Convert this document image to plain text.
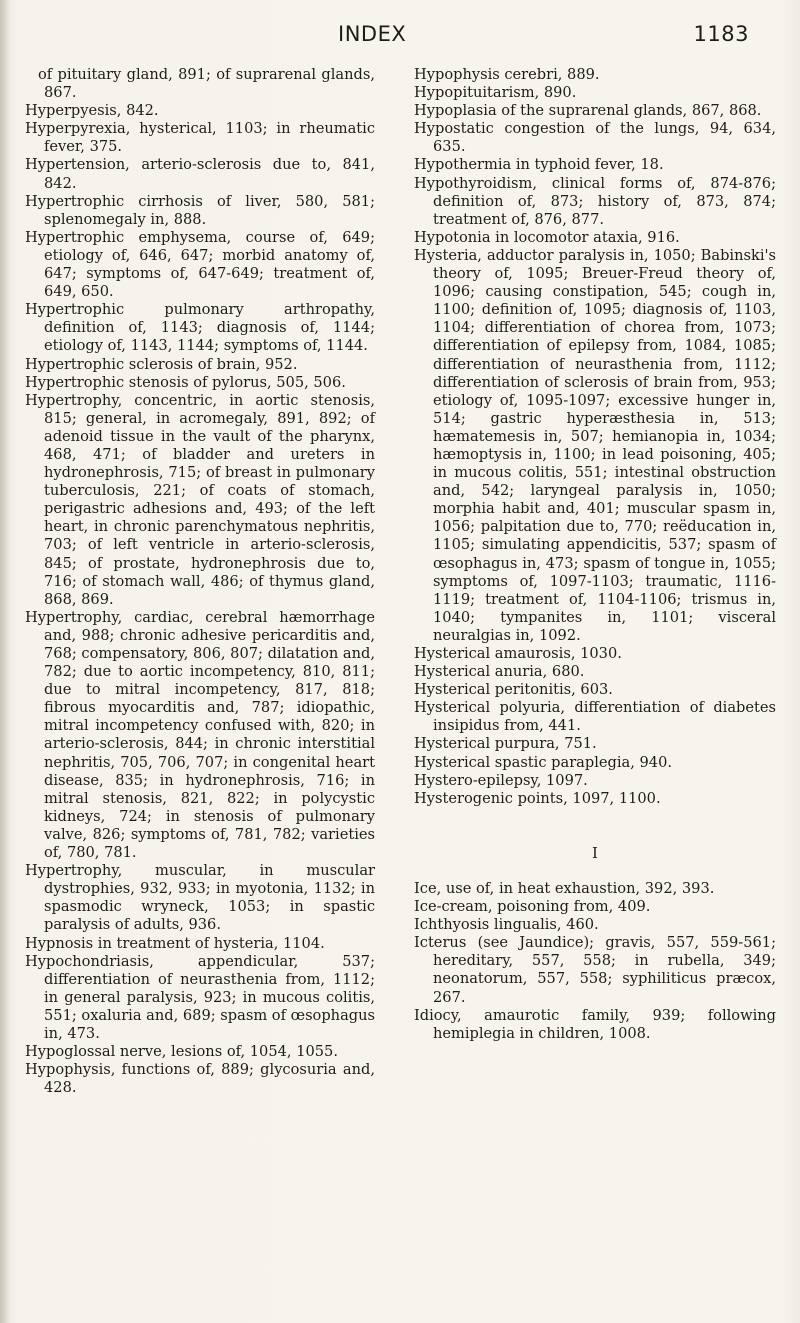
INDEX	1183

of pituitary gland, 891; of suprarenal glands, 867.

Hyperpyesis, 842.

Hyperpyrexia, hysterical, 1103; in rheumatic fever, 375.

Hypertension, arterio-sclerosis due to, 841, 842.

Hypertrophic cirrhosis of liver, 580, 581; splenomegaly in, 888.

Hypertrophic emphysema, course of, 649; etiology of, 646, 647; morbid anatomy of, 647; symptoms of, 647-649; treatment of, 649, 650.

Hypertrophic pulmonary arthropathy, definition of, 1143; diagnosis of, 1144; etiology of, 1143, 1144; symptoms of, 1144.

Hypertrophic sclerosis of brain, 952.

Hypertrophic stenosis of pylorus, 505, 506.

Hypertrophy, concentric, in aortic stenosis, 815; general, in acromegaly, 891, 892; of adenoid tissue in the vault of the pharynx, 468, 471; of bladder and ureters in hydronephrosis, 715; of breast in pulmonary tuberculosis, 221; of coats of stomach, perigastric adhesions and, 493; of the left heart, in chronic parenchymatous nephritis, 703; of left ventricle in arterio-sclerosis, 845; of prostate, hydronephrosis due to, 716; of stomach wall, 486; of thymus gland, 868, 869.

Hypertrophy, cardiac, cerebral hæmorrhage and, 988; chronic adhesive pericarditis and, 768; compensatory, 806, 807; dilatation and, 782; due to aortic incompetency, 810, 811; due to mitral incompetency, 817, 818; fibrous myocarditis and, 787; idiopathic, mitral incompetency confused with, 820; in arterio-sclerosis, 844; in chronic interstitial nephritis, 705, 706, 707; in congenital heart disease, 835; in hydronephrosis, 716; in mitral stenosis, 821, 822; in polycystic kidneys, 724; in stenosis of pulmonary valve, 826; symptoms of, 781, 782; varieties of, 780, 781.

Hypertrophy, muscular, in muscular dystrophies, 932, 933; in myotonia, 1132; in spasmodic wryneck, 1053; in spastic paralysis of adults, 936.

Hypnosis in treatment of hysteria, 1104.

Hypochondriasis, appendicular, 537; differentiation of neurasthenia from, 1112; in general paralysis, 923; in mucous colitis, 551; oxaluria and, 689; spasm of œsophagus in, 473.

Hypoglossal nerve, lesions of, 1054, 1055.

Hypophysis, functions of, 889; glycosuria and, 428.

Hypophysis cerebri, 889.

Hypopituitarism, 890.

Hypoplasia of the suprarenal glands, 867, 868.

Hypostatic congestion of the lungs, 94, 634, 635.

Hypothermia in typhoid fever, 18.

Hypothyroidism, clinical forms of, 874-876; definition of, 873; history of, 873, 874; treatment of, 876, 877.

Hypotonia in locomotor ataxia, 916.

Hysteria, adductor paralysis in, 1050; Babinski's theory of, 1095; Breuer-Freud theory of, 1096; causing constipation, 545; cough in, 1100; definition of, 1095; diagnosis of, 1103, 1104; differentiation of chorea from, 1073; differentiation of epilepsy from, 1084, 1085; differentiation of neurasthenia from, 1112; differentiation of sclerosis of brain from, 953; etiology of, 1095-1097; excessive hunger in, 514; gastric hyperæsthesia in, 513; hæmatemesis in, 507; hemianopia in, 1034; hæmoptysis in, 1100; in lead poisoning, 405; in mucous colitis, 551; intestinal obstruction and, 542; laryngeal paralysis in, 1050; morphia habit and, 401; muscular spasm in, 1056; palpitation due to, 770; reëducation in, 1105; simulating appendicitis, 537; spasm of œsophagus in, 473; spasm of tongue in, 1055; symptoms of, 1097-1103; traumatic, 1116-1119; treatment of, 1104-1106; trismus in, 1040; tympanites in, 1101; visceral neuralgias in, 1092.

Hysterical amaurosis, 1030.

Hysterical anuria, 680.

Hysterical peritonitis, 603.

Hysterical polyuria, differentiation of diabetes insipidus from, 441.

Hysterical purpura, 751.

Hysterical spastic paraplegia, 940.

Hystero-epilepsy, 1097.

Hysterogenic points, 1097, 1100.

I

Ice, use of, in heat exhaustion, 392, 393.

Ice-cream, poisoning from, 409.

Ichthyosis lingualis, 460.

Icterus (see Jaundice); gravis, 557, 559-561; hereditary, 557, 558; in rubella, 349; neonatorum, 557, 558; syphiliticus præcox, 267.

Idiocy, amaurotic family, 939; following hemiplegia in children, 1008.
